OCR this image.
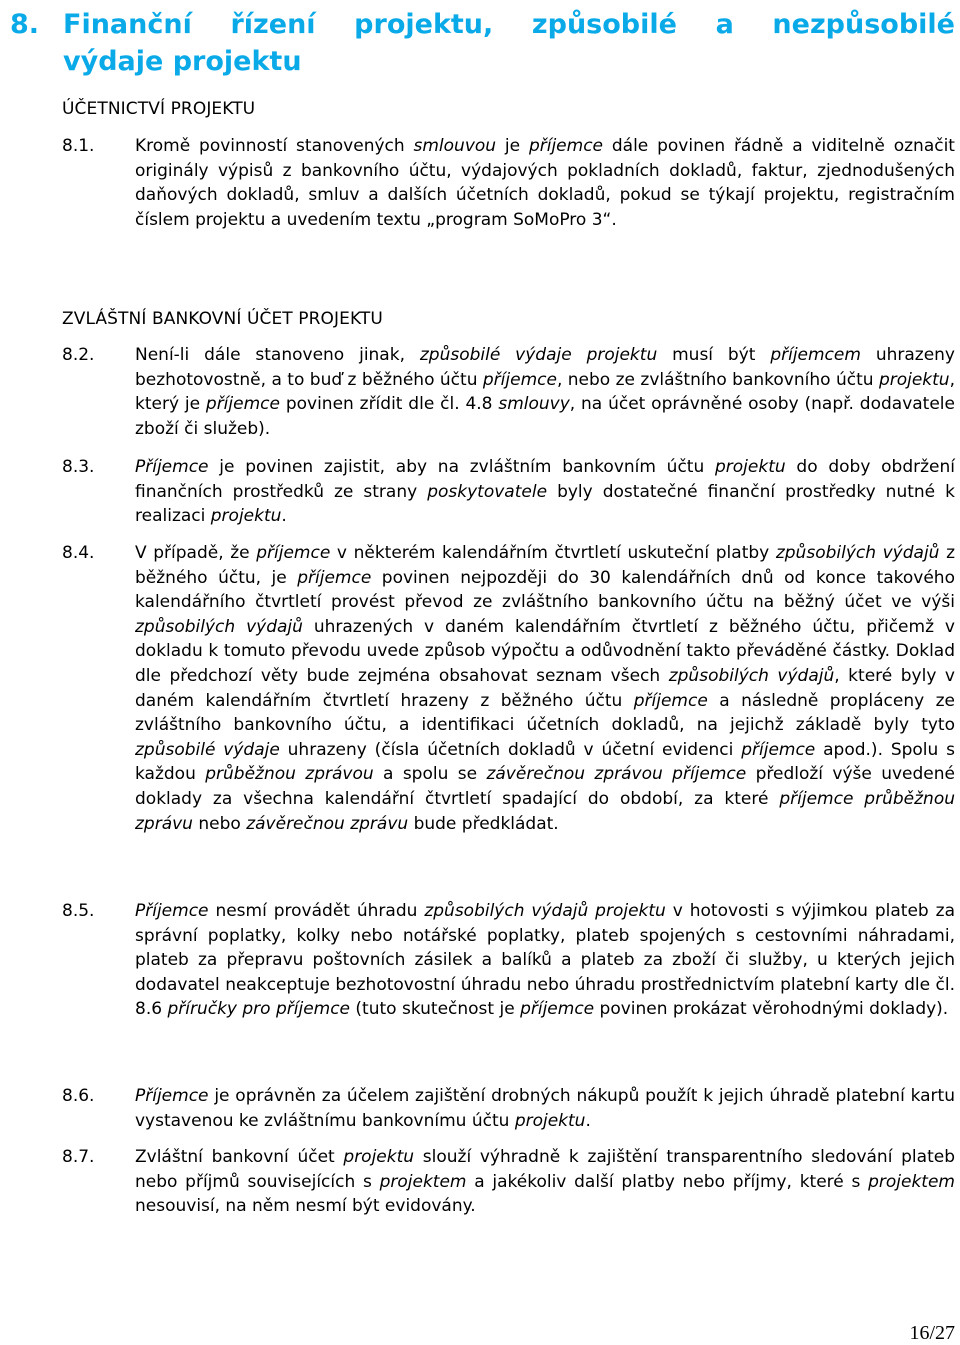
8. Finanční řízení projektu, způsobilé a nezpůsobilé
výdaje projektu
ÚČETNICTVÍ PROJEKTU
8.1.	Kromě povinností stanovených smlouvou je příjemce dále povinen řádně a viditelně označit originály výpisů z bankovního účtu, výdajových pokladních dokladů, faktur, zjednodušených daňových dokladů, smluv a dalších účetních dokladů, pokud se týkají projektu, registračním číslem projektu a uvedením textu „program SoMoPro 3“.
ZVLÁŠTNÍ BANKOVNÍ ÚČET PROJEKTU
8.2.	Není-li dále stanoveno jinak, způsobilé výdaje projektu musí být příjemcem uhrazeny bezhotovostně, a to buď z běžného účtu příjemce, nebo ze zvláštního bankovního účtu projektu, který je příjemce povinen zřídit dle čl. 4.8 smlouvy, na účet oprávněné osoby (např. dodavatele zboží či služeb).
8.3.	Příjemce je povinen zajistit, aby na zvláštním bankovním účtu projektu do doby obdržení finančních prostředků ze strany poskytovatele byly dostatečné finanční prostředky nutné k realizaci projektu.
8.4.	V případě, že příjemce v některém kalendářním čtvrtletí uskuteční platby způsobilých výdajů z běžného účtu, je příjemce povinen nejpozději do 30 kalendářních dnů od konce takového kalendářního čtvrtletí provést převod ze zvláštního bankovního účtu na běžný účet ve výši způsobilých výdajů uhrazených v daném kalendářním čtvrtletí z běžného účtu, přičemž v dokladu k tomuto převodu uvede způsob výpočtu a odůvodnění takto převáděné částky. Doklad dle předchozí věty bude zejména obsahovat seznam všech způsobilých výdajů, které byly v daném kalendářním čtvrtletí hrazeny z běžného účtu příjemce a následně propláceny ze zvláštního bankovního účtu, a identifikaci účetních dokladů, na jejichž základě byly tyto způsobilé výdaje uhrazeny (čísla účetních dokladů v účetní evidenci příjemce apod.). Spolu s každou průběžnou zprávou a spolu se závěrečnou zprávou příjemce předloží výše uvedené doklady za všechna kalendářní čtvrtletí spadající do období, za které příjemce průběžnou zprávu nebo závěrečnou zprávu bude předkládat.
8.5.	Příjemce nesmí provádět úhradu způsobilých výdajů projektu v hotovosti s výjimkou plateb za správní poplatky, kolky nebo notářské poplatky, plateb spojených s cestovními náhradami, plateb za přepravu poštovních zásilek a balíků a plateb za zboží či služby, u kterých jejich dodavatel neakceptuje bezhotovostní úhradu nebo úhradu prostřednictvím platební karty dle čl. 8.6 příručky pro příjemce (tuto skutečnost je příjemce povinen prokázat věrohodnými doklady).
8.6.	Příjemce je oprávněn za účelem zajištění drobných nákupů použít k jejich úhradě platební kartu vystavenou ke zvláštnímu bankovnímu účtu projektu.
8.7.	Zvláštní bankovní účet projektu slouží výhradně k zajištění transparentního sledování plateb nebo příjmů souvisejících s projektem a jakékoliv další platby nebo příjmy, které s projektem nesouvisí, na něm nesmí být evidovány.
16/27
